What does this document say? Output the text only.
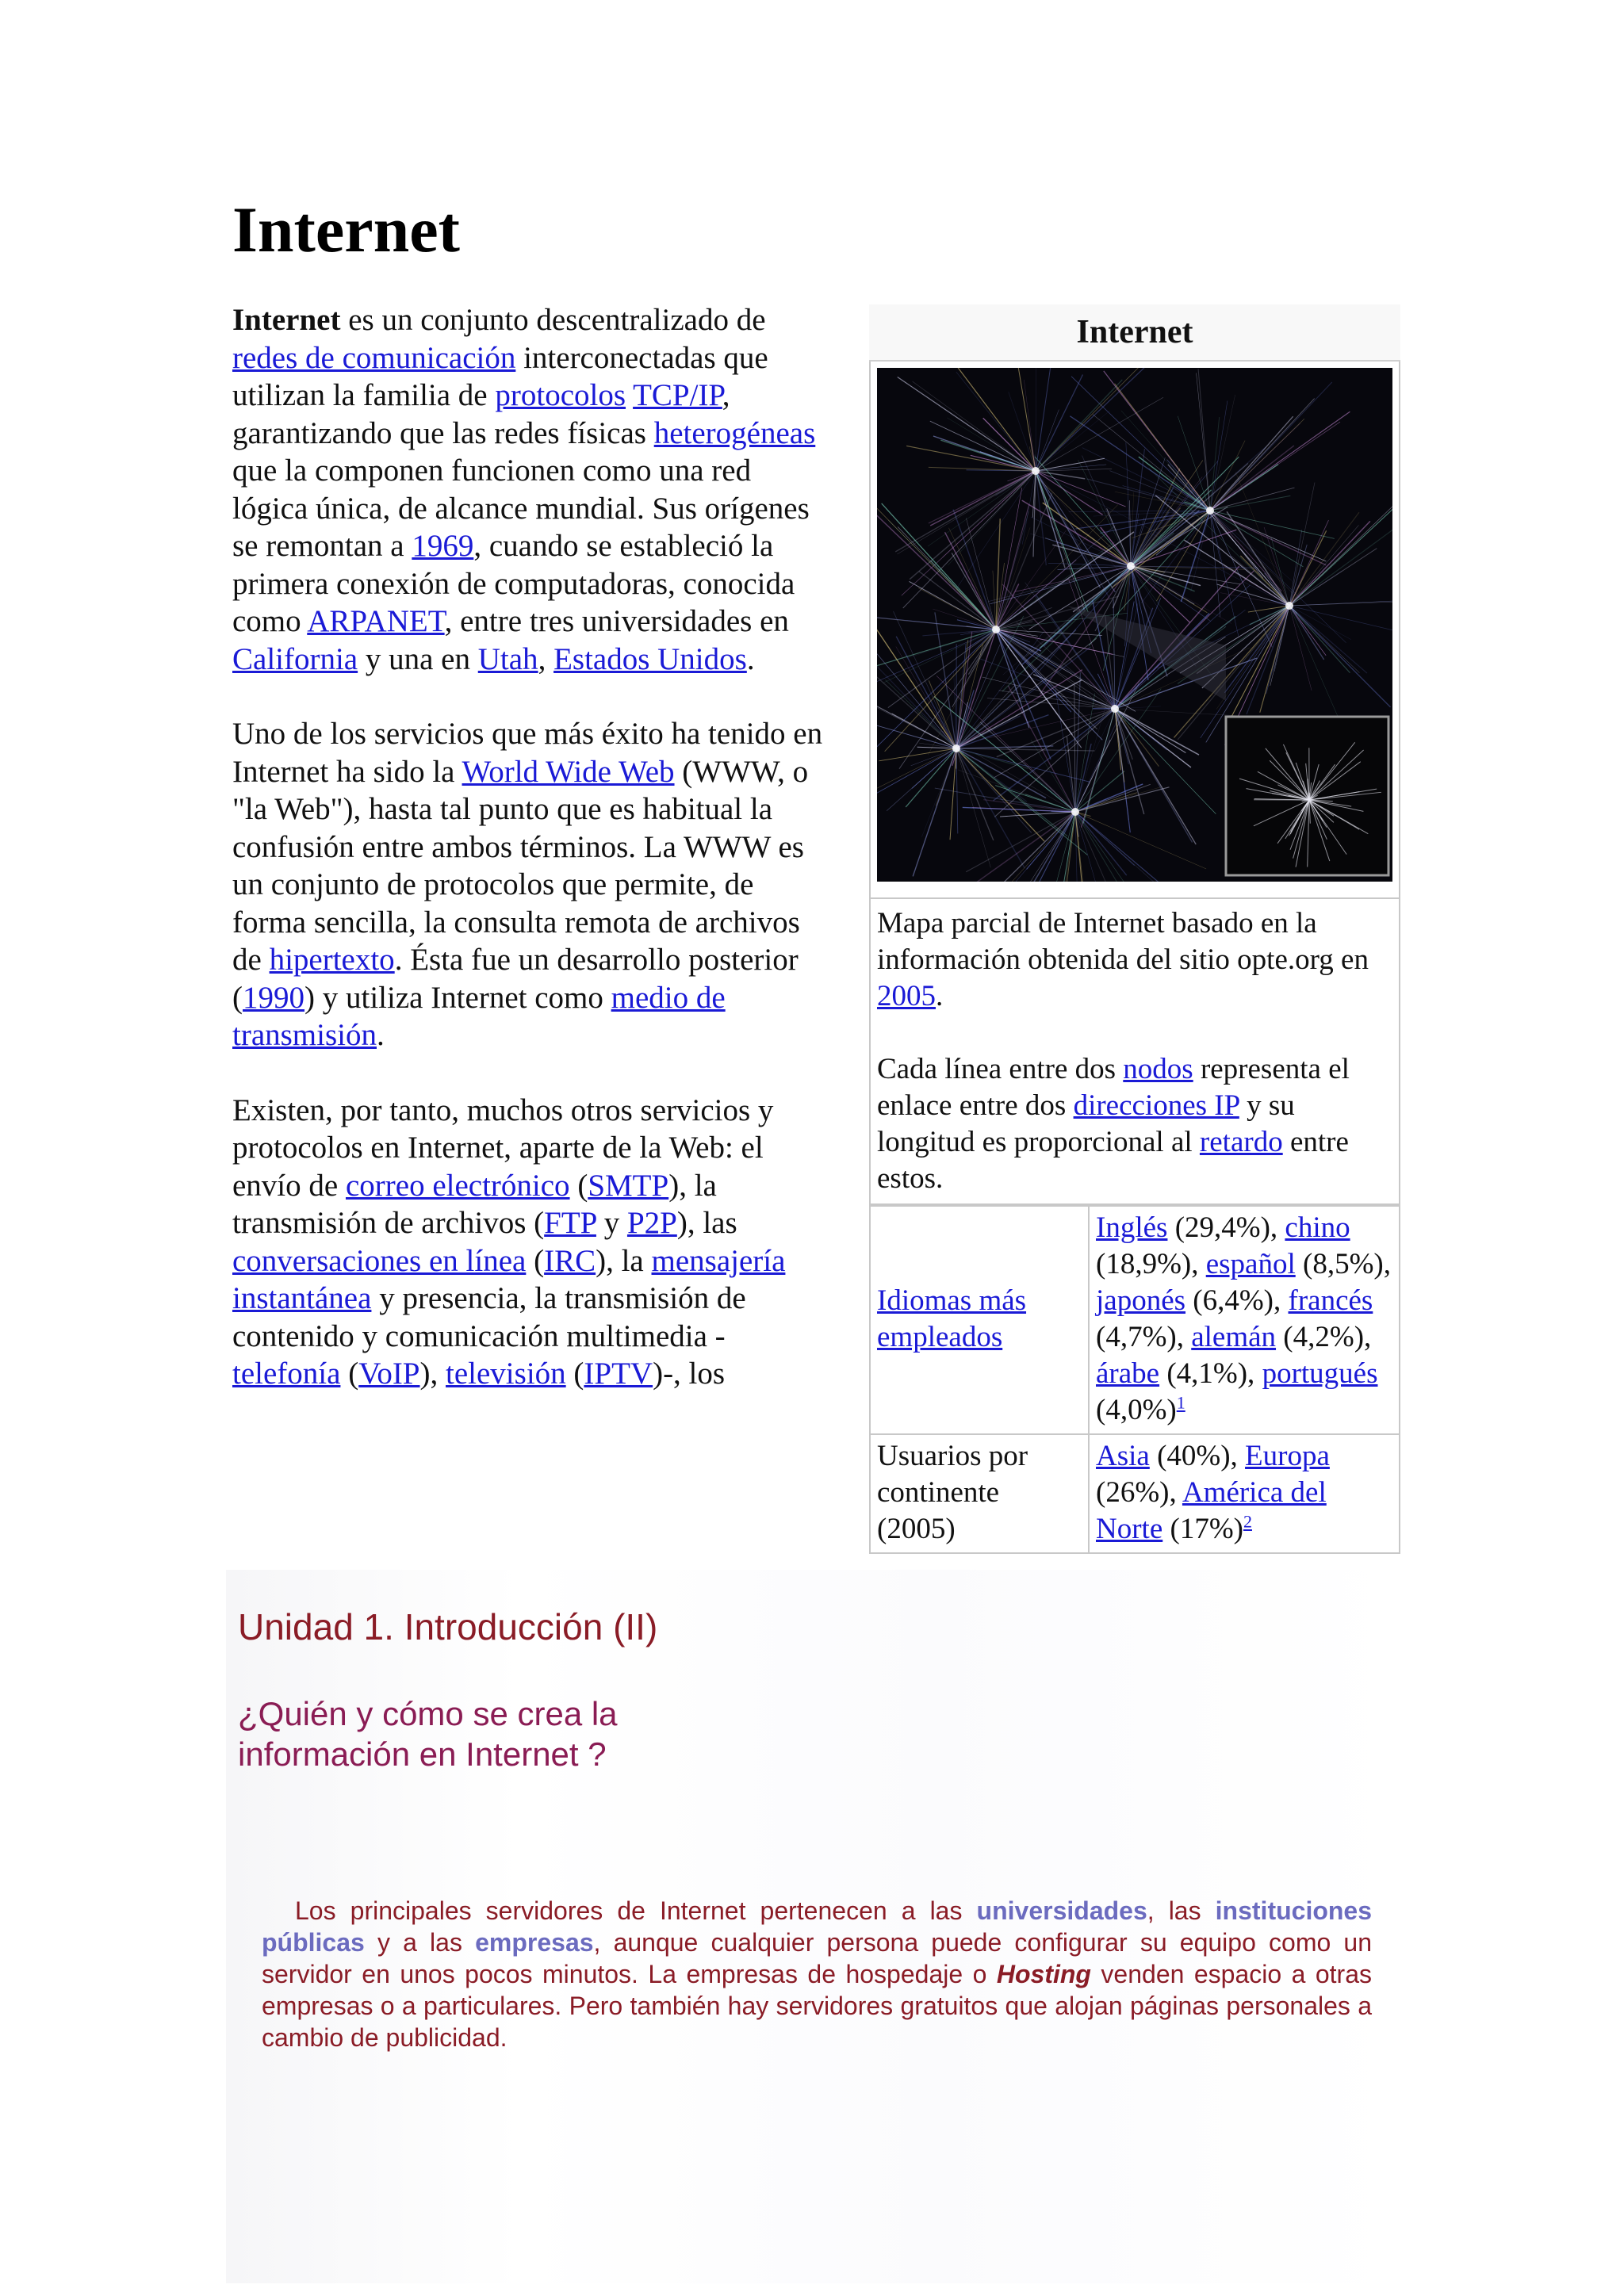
Internet

Internet es un conjunto descentralizado de redes de comunicación interconectadas que utilizan la familia de protocolos TCP/IP, garantizando que las redes físicas heterogéneas que la componen funcionen como una red lógica única, de alcance mundial. Sus orígenes se remontan a 1969, cuando se estableció la primera conexión de computadoras, conocida como ARPANET, entre tres universidades en California y una en Utah, Estados Unidos.

Uno de los servicios que más éxito ha tenido en Internet ha sido la World Wide Web (WWW, o "la Web"), hasta tal punto que es habitual la confusión entre ambos términos. La WWW es un conjunto de protocolos que permite, de forma sencilla, la consulta remota de archivos de hipertexto. Ésta fue un desarrollo posterior (1990) y utiliza Internet como medio de transmisión.

Existen, por tanto, muchos otros servicios y protocolos en Internet, aparte de la Web: el envío de correo electrónico (SMTP), la transmisión de archivos (FTP y P2P), las conversaciones en línea (IRC), la mensajería instantánea y presencia, la transmisión de contenido y comunicación multimedia -telefonía (VoIP), televisión (IPTV)-, los

Internet

Mapa parcial de Internet basado en la información obtenida del sitio opte.org en 2005.

Cada línea entre dos nodos representa el enlace entre dos direcciones IP y su longitud es proporcional al retardo entre estos.

Idiomas más empleados	Inglés (29,4%), chino (18,9%), español (8,5%), japonés (6,4%), francés (4,7%), alemán (4,2%), árabe (4,1%), portugués $(4,0\%)^1$
Usuarios por continente (2005)	Asia (40%), Europa (26%), América del Norte $(17\%)^2$
Unidad 1. Introducción (II)
¿Quién y cómo se crea la información en Internet ?

Los principales servidores de Internet pertenecen a las universidades, las instituciones públicas y a las empresas, aunque cualquier persona puede configurar su equipo como un servidor en unos pocos minutos. La empresas de hospedaje o Hosting venden espacio a otras empresas o a particulares. Pero también hay servidores gratuitos que alojan páginas personales a cambio de publicidad.
